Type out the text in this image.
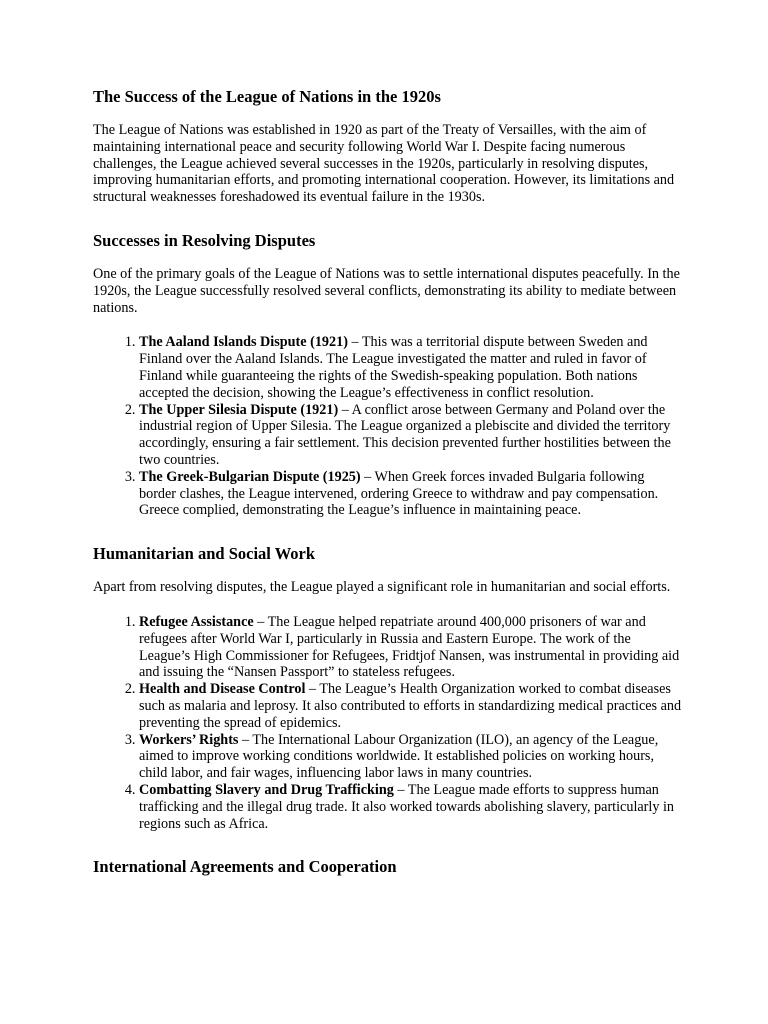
The Success of the League of Nations in the 1920s

The League of Nations was established in 1920 as part of the Treaty of Versailles, with the aim of maintaining international peace and security following World War I. Despite facing numerous challenges, the League achieved several successes in the 1920s, particularly in resolving disputes, improving humanitarian efforts, and promoting international cooperation. However, its limitations and structural weaknesses foreshadowed its eventual failure in the 1930s.

Successes in Resolving Disputes

One of the primary goals of the League of Nations was to settle international disputes peacefully. In the 1920s, the League successfully resolved several conflicts, demonstrating its ability to mediate between nations.

1. The Aaland Islands Dispute (1921) – This was a territorial dispute between Sweden and Finland over the Aaland Islands. The League investigated the matter and ruled in favor of Finland while guaranteeing the rights of the Swedish-speaking population. Both nations accepted the decision, showing the League’s effectiveness in conflict resolution.
2. The Upper Silesia Dispute (1921) – A conflict arose between Germany and Poland over the industrial region of Upper Silesia. The League organized a plebiscite and divided the territory accordingly, ensuring a fair settlement. This decision prevented further hostilities between the two countries.
3. The Greek-Bulgarian Dispute (1925) – When Greek forces invaded Bulgaria following border clashes, the League intervened, ordering Greece to withdraw and pay compensation. Greece complied, demonstrating the League’s influence in maintaining peace.
Humanitarian and Social Work

Apart from resolving disputes, the League played a significant role in humanitarian and social efforts.

1. Refugee Assistance – The League helped repatriate around 400,000 prisoners of war and refugees after World War I, particularly in Russia and Eastern Europe. The work of the League’s High Commissioner for Refugees, Fridtjof Nansen, was instrumental in providing aid and issuing the “Nansen Passport” to stateless refugees.
2. Health and Disease Control – The League’s Health Organization worked to combat diseases such as malaria and leprosy. It also contributed to efforts in standardizing medical practices and preventing the spread of epidemics.
3. Workers’ Rights – The International Labour Organization (ILO), an agency of the League, aimed to improve working conditions worldwide. It established policies on working hours, child labor, and fair wages, influencing labor laws in many countries.
4. Combatting Slavery and Drug Trafficking – The League made efforts to suppress human trafficking and the illegal drug trade. It also worked towards abolishing slavery, particularly in regions such as Africa.
International Agreements and Cooperation
